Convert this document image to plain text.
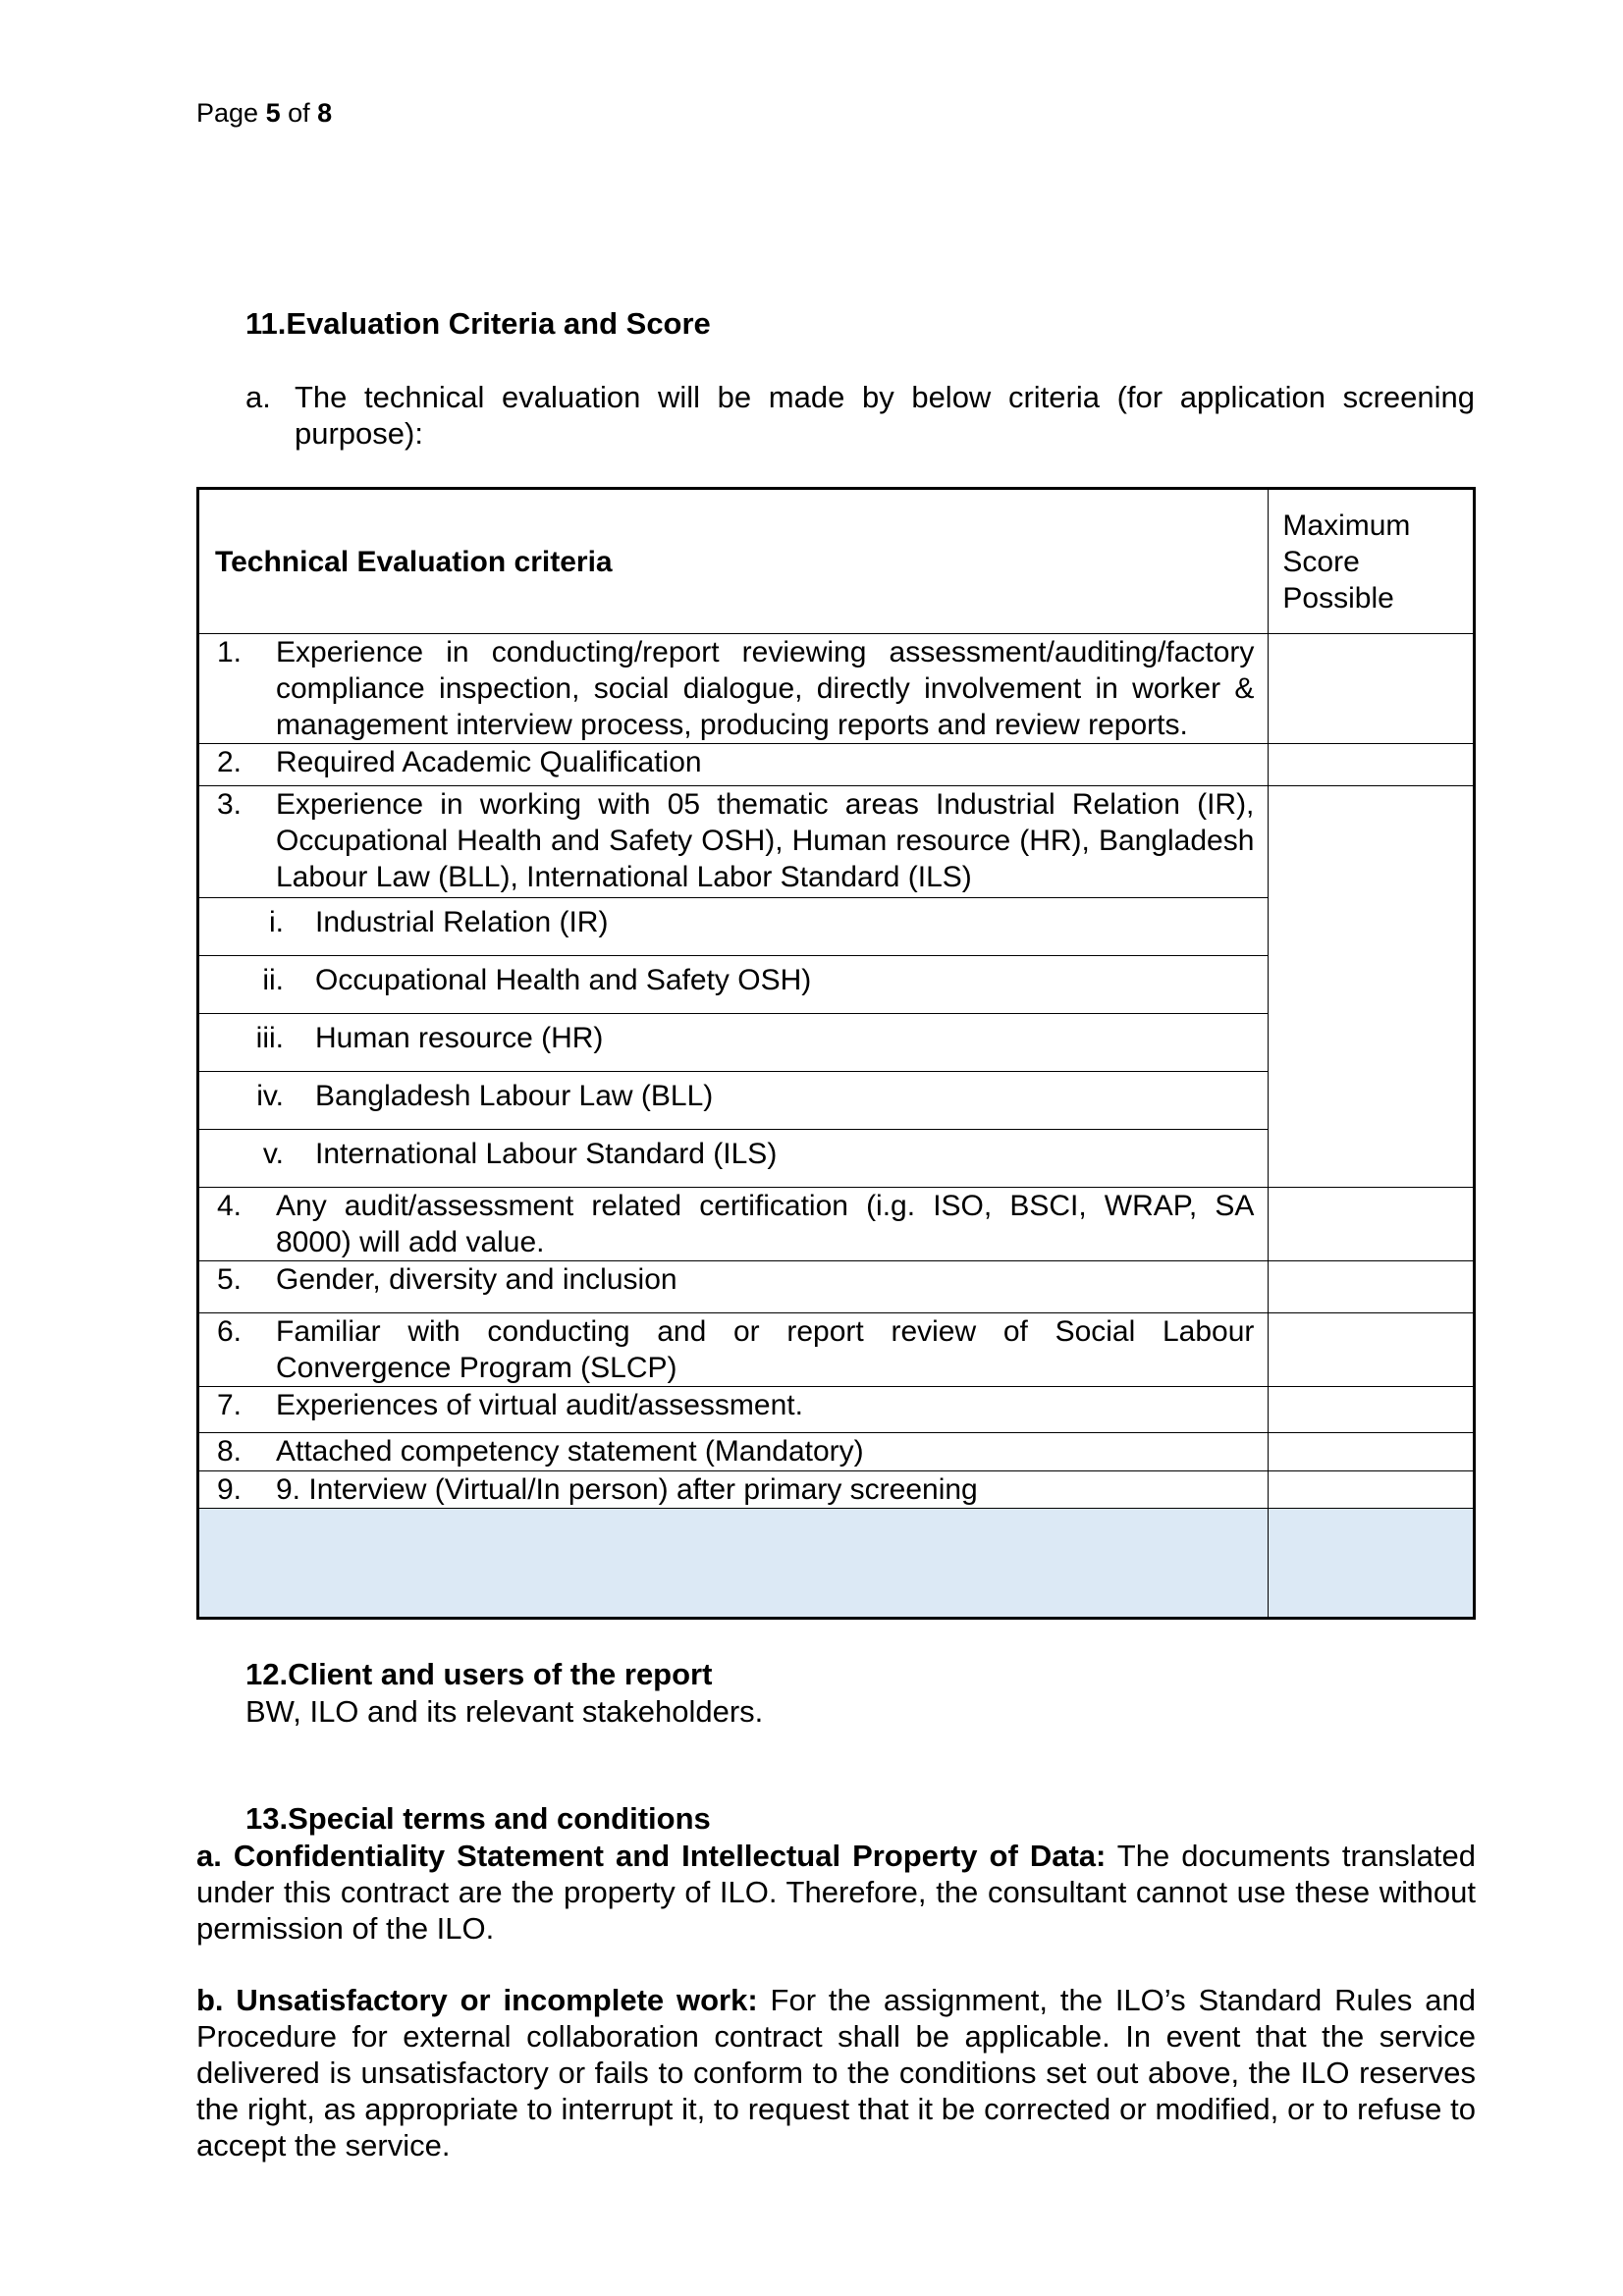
Page 5 of 8
11.Evaluation Criteria and Score
a. The technical evaluation will be made by below criteria (for application screening purpose):
Technical Evaluation criteria	Maximum Score Possible

1. Experience in conducting/report reviewing assessment/auditing/factory compliance inspection, social dialogue, directly involvement in worker & management interview process, producing reports and review reports.	

2. Required Academic Qualification	

3. Experience in working with 05 thematic areas Industrial Relation (IR), Occupational Health and Safety OSH), Human resource (HR), Bangladesh Labour Law (BLL), International Labor Standard (ILS)	

i. Industrial Relation (IR)	

ii. Occupational Health and Safety OSH)	

iii. Human resource (HR)	

iv. Bangladesh Labour Law (BLL)	

v. International Labour Standard (ILS)	

4. Any audit/assessment related certification (i.g. ISO, BSCI, WRAP, SA 8000) will add value.	

5. Gender, diversity and inclusion	

6. Familiar with conducting and or report review of Social Labour Convergence Program (SLCP)	

7. Experiences of virtual audit/assessment.	

8. Attached competency statement (Mandatory)	

9. 9. Interview (Virtual/In person) after primary screening	

12.Client and users of the report
BW, ILO and its relevant stakeholders.
13.Special terms and conditions
a. Confidentiality Statement and Intellectual Property of Data: The documents translated under this contract are the property of ILO. Therefore, the consultant cannot use these without permission of the ILO.
b. Unsatisfactory or incomplete work: For the assignment, the ILO’s Standard Rules and Procedure for external collaboration contract shall be applicable. In event that the service delivered is unsatisfactory or fails to conform to the conditions set out above, the ILO reserves the right, as appropriate to interrupt it, to request that it be corrected or modified, or to refuse to accept the service.
